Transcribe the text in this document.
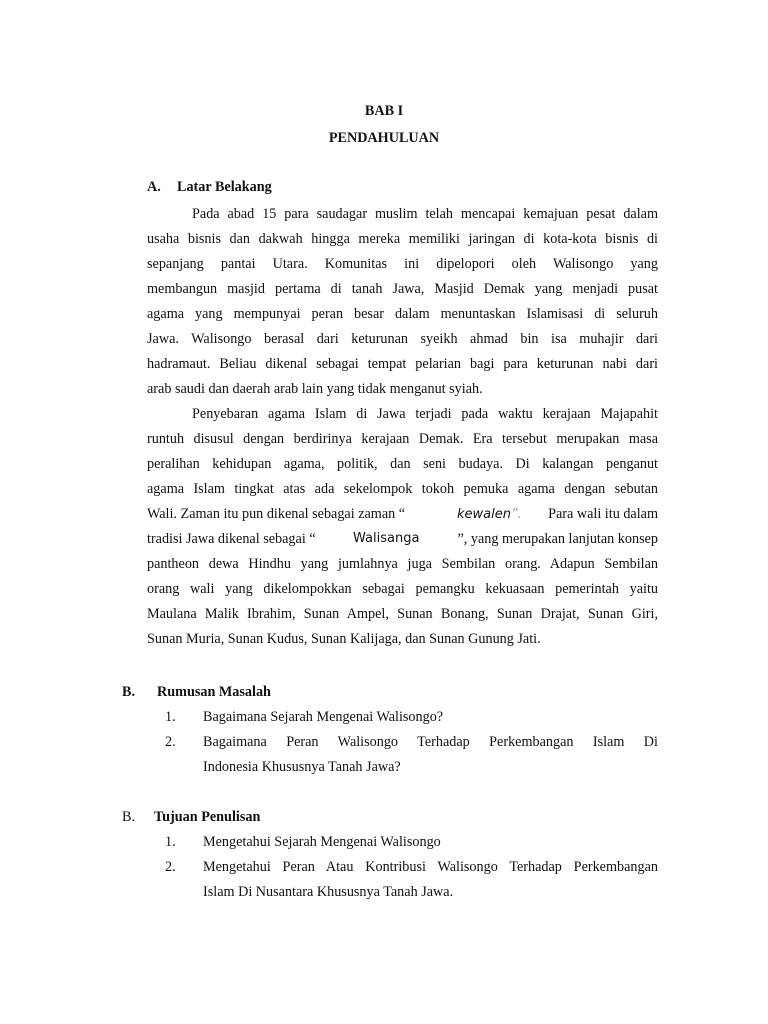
BAB I
PENDAHULUAN
A. Latar Belakang
Pada abad 15 para saudagar muslim telah mencapai kemajuan pesat dalam
usaha bisnis dan dakwah hingga mereka memiliki jaringan di kota-kota bisnis di
sepanjang pantai Utara. Komunitas ini dipelopori oleh Walisongo yang
membangun masjid pertama di tanah Jawa, Masjid Demak yang menjadi pusat
agama yang mempunyai peran besar dalam menuntaskan Islamisasi di seluruh
Jawa. Walisongo berasal dari keturunan syeikh ahmad bin isa muhajir dari
hadramaut. Beliau dikenal sebagai tempat pelarian bagi para keturunan nabi dari
arab saudi dan daerah arab lain yang tidak menganut syiah.
Penyebaran agama Islam di Jawa terjadi pada waktu kerajaan Majapahit
runtuh disusul dengan berdirinya kerajaan Demak. Era tersebut merupakan masa
peralihan kehidupan agama, politik, dan seni budaya. Di kalangan penganut
agama Islam tingkat atas ada sekelompok tokoh pemuka agama dengan sebutan
Wali. Zaman itu pun dikenal sebagai zaman “	kewalen”. Para wali itu dalam
tradisi Jawa dikenal sebagai “	Walisanga	”, yang merupakan lanjutan konsep
pantheon dewa Hindhu yang jumlahnya juga Sembilan orang. Adapun Sembilan
orang wali yang dikelompokkan sebagai pemangku kekuasaan pemerintah yaitu
Maulana Malik Ibrahim, Sunan Ampel, Sunan Bonang, Sunan Drajat, Sunan Giri,
Sunan Muria, Sunan Kudus, Sunan Kalijaga, dan Sunan Gunung Jati.
B. Rumusan Masalah
1. Bagaimana Sejarah Mengenai Walisongo?
2. Bagaimana Peran Walisongo Terhadap Perkembangan Islam Di
Indonesia Khususnya Tanah Jawa?
B. Tujuan Penulisan
1. Mengetahui Sejarah Mengenai Walisongo
2. Mengetahui Peran Atau Kontribusi Walisongo Terhadap Perkembangan
Islam Di Nusantara Khususnya Tanah Jawa.
